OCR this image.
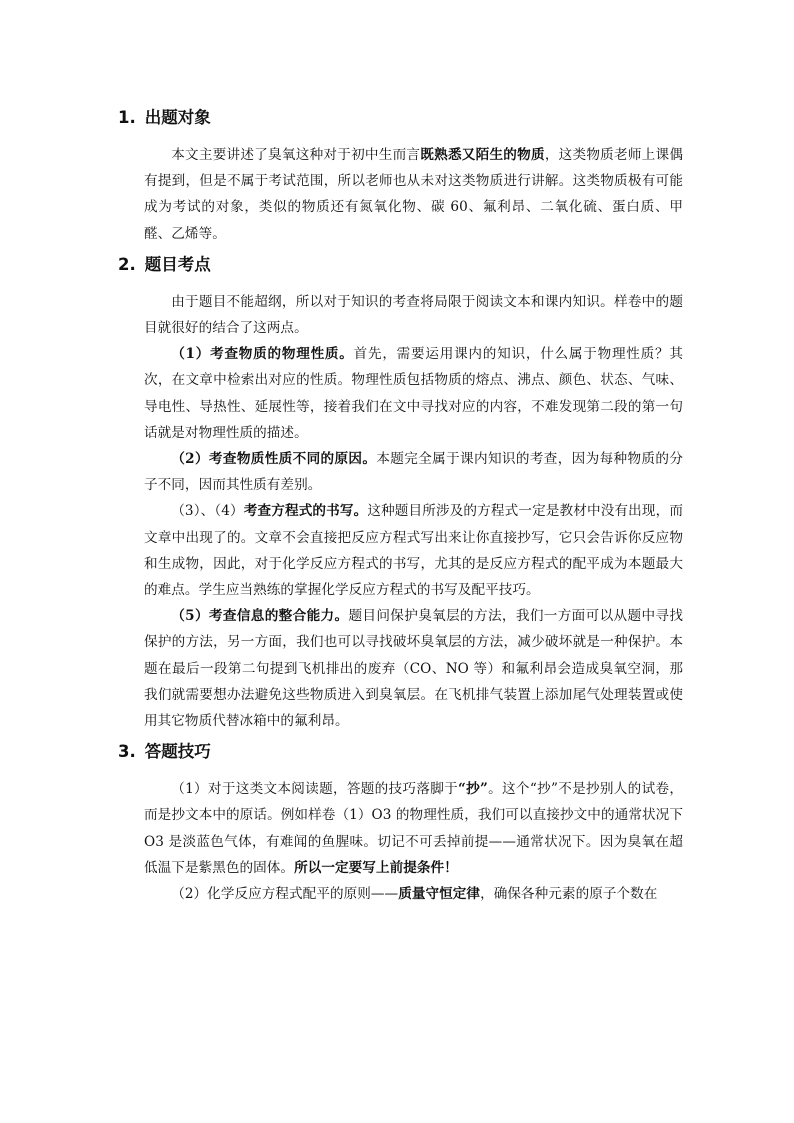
1. 出题对象

本文主要讲述了臭氧这种对于初中生而言既熟悉又陌生的物质，这类物质老师上课偶有提到，但是不属于考试范围，所以老师也从未对这类物质进行讲解。这类物质极有可能成为考试的对象，类似的物质还有氮氧化物、碳 60、氟利昂、二氧化硫、蛋白质、甲醛、乙烯等。

2. 题目考点

由于题目不能超纲，所以对于知识的考查将局限于阅读文本和课内知识。样卷中的题目就很好的结合了这两点。

（1）考查物质的物理性质。首先，需要运用课内的知识，什么属于物理性质？其次，在文章中检索出对应的性质。物理性质包括物质的熔点、沸点、颜色、状态、气味、导电性、导热性、延展性等，接着我们在文中寻找对应的内容，不难发现第二段的第一句话就是对物理性质的描述。

（2）考查物质性质不同的原因。本题完全属于课内知识的考查，因为每种物质的分子不同，因而其性质有差别。

（3）、（4）考查方程式的书写。这种题目所涉及的方程式一定是教材中没有出现，而文章中出现了的。文章不会直接把反应方程式写出来让你直接抄写，它只会告诉你反应物和生成物，因此，对于化学反应方程式的书写，尤其的是反应方程式的配平成为本题最大的难点。学生应当熟练的掌握化学反应方程式的书写及配平技巧。

（5）考查信息的整合能力。题目问保护臭氧层的方法，我们一方面可以从题中寻找保护的方法，另一方面，我们也可以寻找破坏臭氧层的方法，减少破坏就是一种保护。本题在最后一段第二句提到飞机排出的废弃（CO、NO 等）和氟利昂会造成臭氧空洞，那我们就需要想办法避免这些物质进入到臭氧层。在飞机排气装置上添加尾气处理装置或使用其它物质代替冰箱中的氟利昂。

3. 答题技巧

（1）对于这类文本阅读题，答题的技巧落脚于“抄”。这个“抄”不是抄别人的试卷，而是抄文本中的原话。例如样卷（1）O3 的物理性质，我们可以直接抄文中的通常状况下 O3 是淡蓝色气体，有难闻的鱼腥味。切记不可丢掉前提——通常状况下。因为臭氧在超低温下是紫黑色的固体。所以一定要写上前提条件！

（2）化学反应方程式配平的原则——质量守恒定律，确保各种元素的原子个数在
